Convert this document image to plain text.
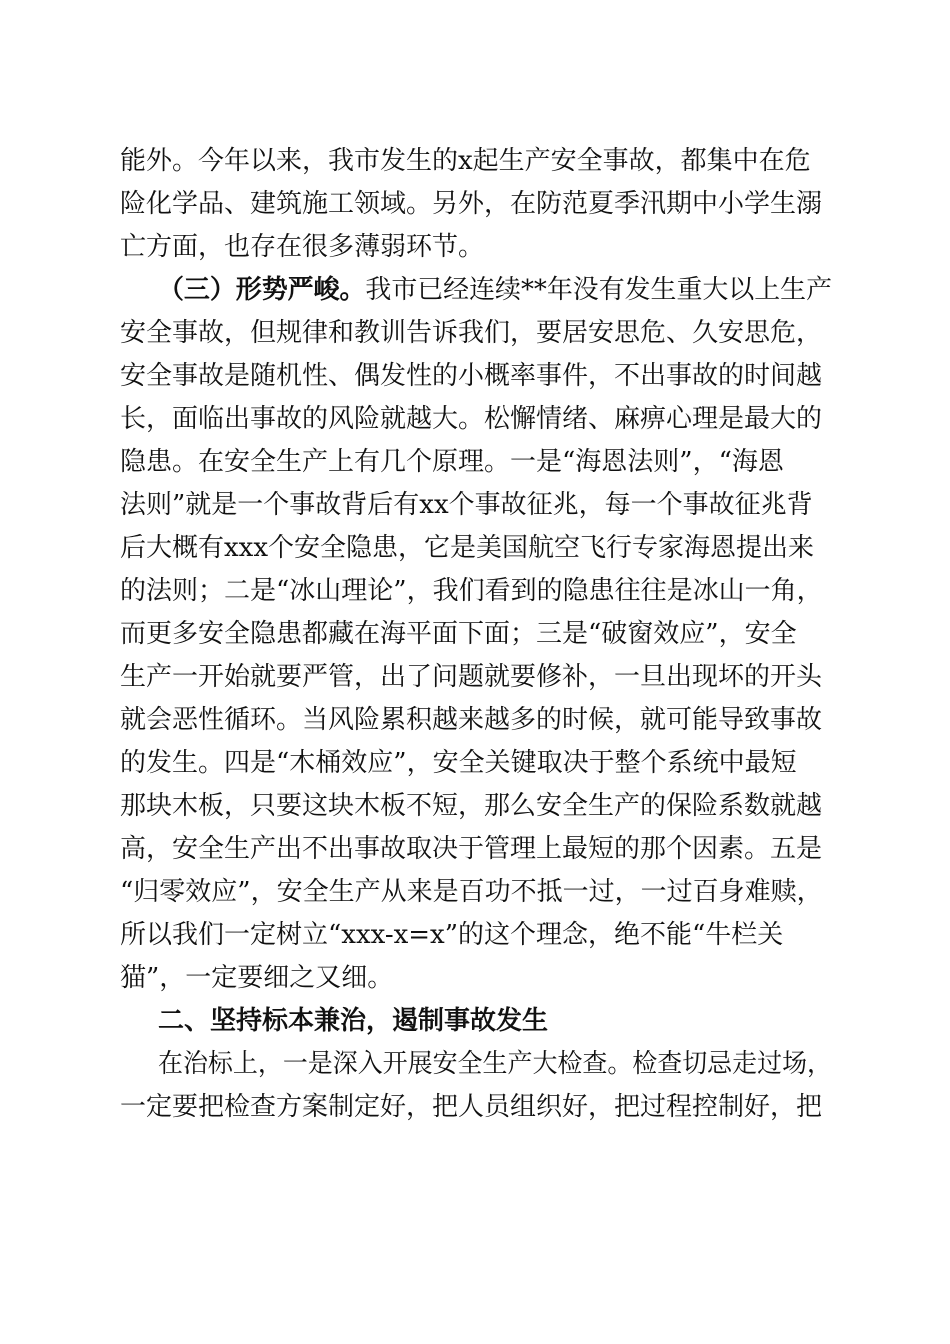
能外。今年以来，我市发生的x起生产安全事故，都集中在危
险化学品、建筑施工领域。另外，在防范夏季汛期中小学生溺
亡方面，也存在很多薄弱环节。
（三）形势严峻。我市已经连续**年没有发生重大以上生产
安全事故，但规律和教训告诉我们，要居安思危、久安思危，
安全事故是随机性、偶发性的小概率事件，不出事故的时间越
长，面临出事故的风险就越大。松懈情绪、麻痹心理是最大的
隐患。在安全生产上有几个原理。一是“海恩法则”，“海恩
法则”就是一个事故背后有xx个事故征兆，每一个事故征兆背
后大概有xxx个安全隐患，它是美国航空飞行专家海恩提出来
的法则；二是“冰山理论”，我们看到的隐患往往是冰山一角，
而更多安全隐患都藏在海平面下面；三是“破窗效应”，安全
生产一开始就要严管，出了问题就要修补，一旦出现坏的开头
就会恶性循环。当风险累积越来越多的时候，就可能导致事故
的发生。四是“木桶效应”，安全关键取决于整个系统中最短
那块木板，只要这块木板不短，那么安全生产的保险系数就越
高，安全生产出不出事故取决于管理上最短的那个因素。五是
“归零效应”，安全生产从来是百功不抵一过，一过百身难赎，
所以我们一定树立“xxx-x=x”的这个理念，绝不能“牛栏关
猫”，一定要细之又细。
二、坚持标本兼治，遏制事故发生
在治标上，一是深入开展安全生产大检查。检查切忌走过场，
一定要把检查方案制定好，把人员组织好，把过程控制好，把
